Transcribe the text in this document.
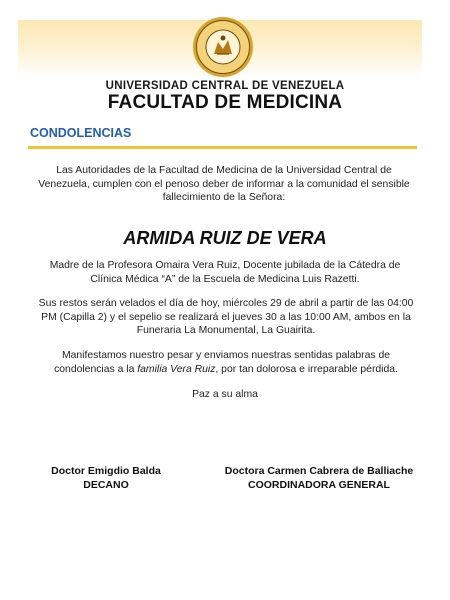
UNIVERSIDAD CENTRAL DE VENEZUELA
FACULTAD DE MEDICINA
CONDOLENCIAS
Las Autoridades de la Facultad de Medicina de la Universidad Central de Venezuela, cumplen con el penoso deber de informar a la comunidad el sensible fallecimiento de la Señora:
ARMIDA RUIZ DE VERA
Madre de la Profesora Omaira Vera Ruiz, Docente jubilada de la Cátedra de Clínica Médica “A” de la Escuela de Medicina Luis Razetti.
Sus restos serán velados el día de hoy, miércoles 29 de abril a partir de las 04:00 PM (Capilla 2) y el sepelio se realizará el jueves 30 a las 10:00 AM, ambos en la Funeraria La Monumental, La Guairita.
Manifestamos nuestro pesar y enviamos nuestras sentidas palabras de condolencias a la familia Vera Ruiz, por tan dolorosa e irreparable pérdida.
Paz a su alma
Doctor Emigdio Balda
DECANO
Doctora Carmen Cabrera de Balliache
COORDINADORA GENERAL
